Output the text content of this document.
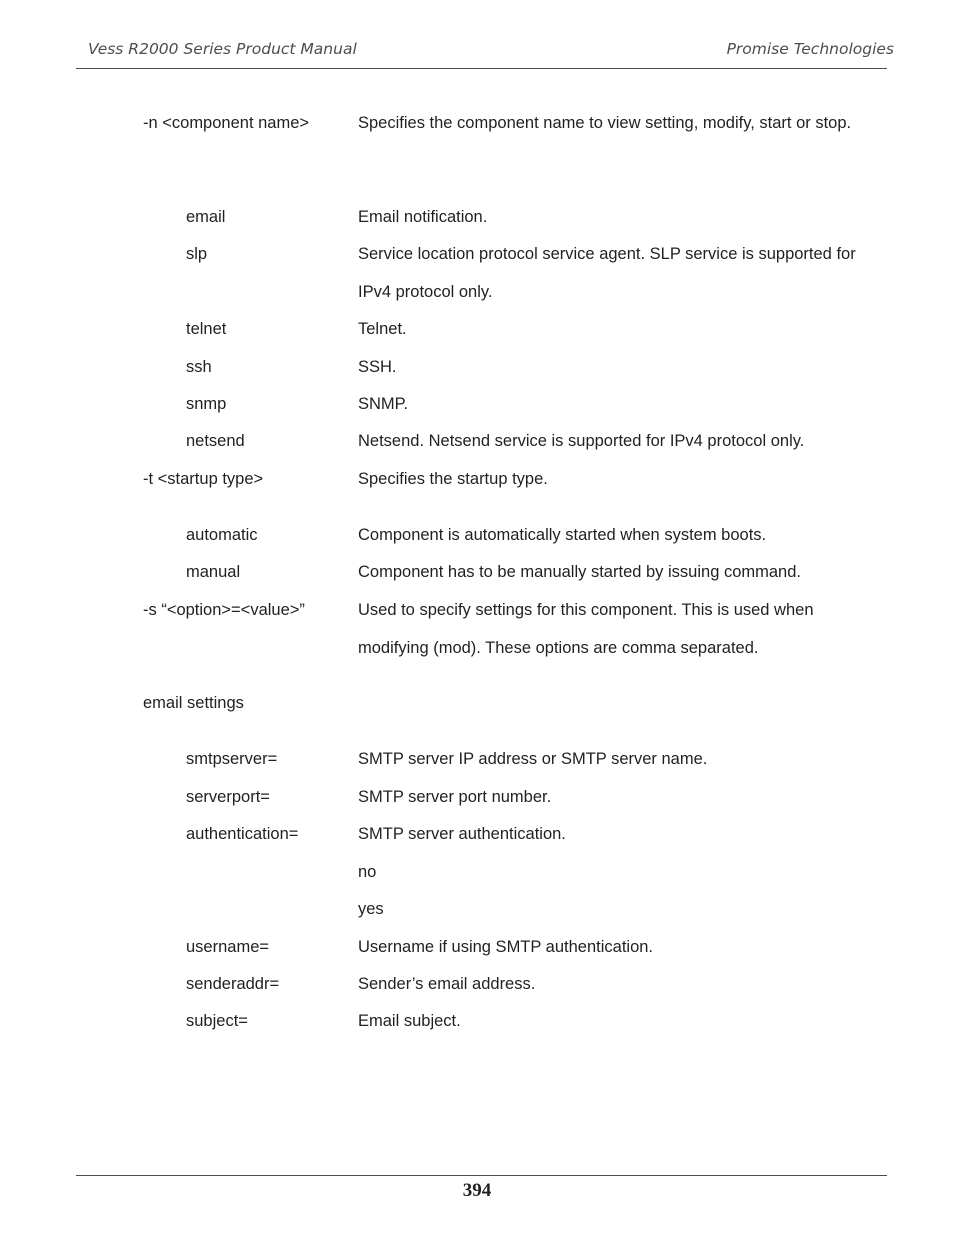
Vess R2000 Series Product Manual	Promise Technologies
-n <component name>	Specifies the component name to view setting, modify, start or stop.
email	Email notification.
slp	Service location protocol service agent. SLP service is supported for IPv4 protocol only.
telnet	Telnet.
ssh	SSH.
snmp	SNMP.
netsend	Netsend. Netsend service is supported for IPv4 protocol only.
-t <startup type>	Specifies the startup type.
automatic	Component is automatically started when system boots.
manual	Component has to be manually started by issuing command.
-s “<option>=<value>”	Used to specify settings for this component. This is used when modifying (mod). These options are comma separated.
email settings
smtpserver=	SMTP server IP address or SMTP server name.
serverport=	SMTP server port number.
authentication=	SMTP server authentication.
no
yes
username=	Username if using SMTP authentication.
senderaddr=	Sender’s email address.
subject=	Email subject.
394
